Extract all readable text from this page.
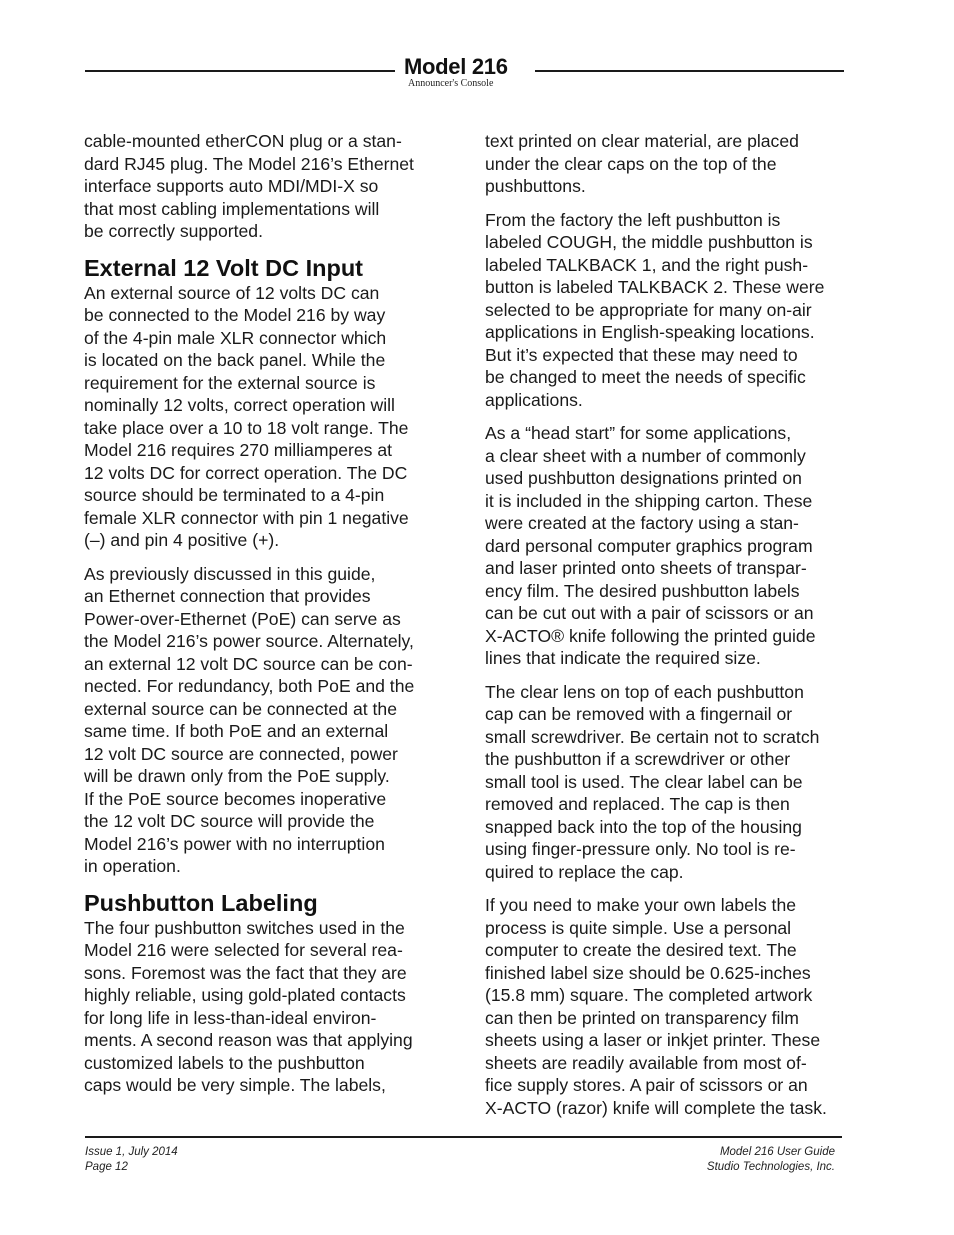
Model 216
Announcer's Console

cable-mounted etherCON plug or a stan-
dard RJ45 plug. The Model 216’s Ethernet
interface supports auto MDI/MDI-X so
that most cabling implementations will
be correctly supported.

External 12 Volt DC Input

An external source of 12 volts DC can
be connected to the Model 216 by way
of the 4-pin male XLR connector which
is located on the back panel. While the
requirement for the external source is
nominally 12 volts, correct operation will
take place over a 10 to 18 volt range. The
Model 216 requires 270 milliamperes at
12 volts DC for correct operation. The DC
source should be terminated to a 4-pin
female XLR connector with pin 1 negative
(–) and pin 4 positive (+).

As previously discussed in this guide,
an Ethernet connection that provides
Power-over-Ethernet (PoE) can serve as
the Model 216’s power source. Alternately,
an external 12 volt DC source can be con-
nected. For redundancy, both PoE and the
external source can be connected at the
same time. If both PoE and an external
12 volt DC source are connected, power
will be drawn only from the PoE supply.
If the PoE source becomes inoperative
the 12 volt DC source will provide the
Model 216’s power with no interruption
in operation.

Pushbutton Labeling

The four pushbutton switches used in the
Model 216 were selected for several rea-
sons. Foremost was the fact that they are
highly reliable, using gold-plated contacts
for long life in less-than-ideal environ-
ments. A second reason was that applying
customized labels to the pushbutton
caps would be very simple. The labels,

text printed on clear material, are placed
under the clear caps on the top of the
pushbuttons.

From the factory the left pushbutton is
labeled COUGH, the middle pushbutton is
labeled TALKBACK 1, and the right push-
button is labeled TALKBACK 2. These were
selected to be appropriate for many on-air
applications in English-speaking locations.
But it’s expected that these may need to
be changed to meet the needs of specific
applications.

As a “head start” for some applications,
a clear sheet with a number of commonly
used pushbutton designations printed on
it is included in the shipping carton. These
were created at the factory using a stan-
dard personal computer graphics program
and laser printed onto sheets of transpar-
ency film. The desired pushbutton labels
can be cut out with a pair of scissors or an
X-ACTO® knife following the printed guide
lines that indicate the required size.

The clear lens on top of each pushbutton
cap can be removed with a fingernail or
small screwdriver. Be certain not to scratch
the pushbutton if a screwdriver or other
small tool is used. The clear label can be
removed and replaced. The cap is then
snapped back into the top of the housing
using finger-pressure only. No tool is re-
quired to replace the cap.

If you need to make your own labels the
process is quite simple. Use a personal
computer to create the desired text. The
finished label size should be 0.625-inches
(15.8 mm) square. The completed artwork
can then be printed on transparency film
sheets using a laser or inkjet printer. These
sheets are readily available from most of-
fice supply stores. A pair of scissors or an
X-ACTO (razor) knife will complete the task.

Issue 1, July 2014
Page 12
Model 216 User Guide
Studio Technologies, Inc.
